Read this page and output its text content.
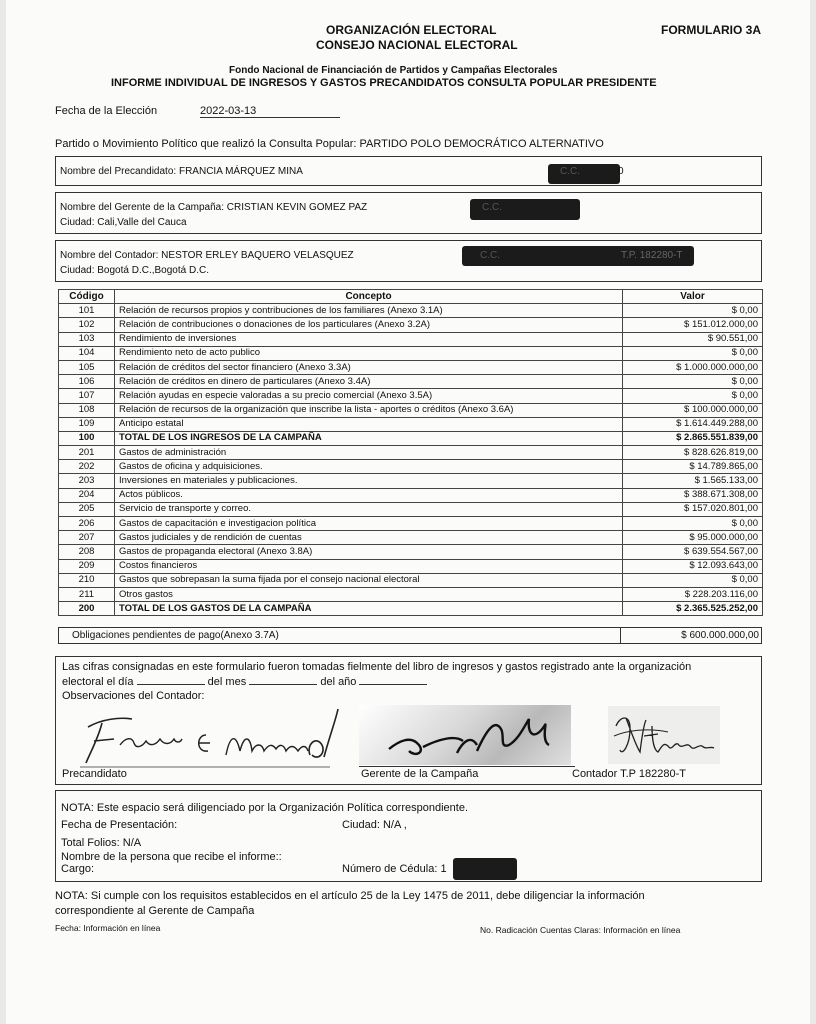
ORGANIZACIÓN ELECTORAL
CONSEJO NACIONAL ELECTORAL
FORMULARIO 3A
Fondo Nacional de Financiación de Partidos y Campañas Electorales
INFORME INDIVIDUAL DE INGRESOS Y GASTOS PRECANDIDATOS CONSULTA POPULAR PRESIDENTE
Fecha de la Elección	2022-03-13
Partido o Movimiento Político que realizó la Consulta Popular: PARTIDO POLO DEMOCRÁTICO ALTERNATIVO
Nombre del Precandidato: FRANCIA MÁRQUEZ MINA	C.C.	0
Nombre del Gerente de la Campaña: CRISTIAN KEVIN GOMEZ PAZ	C.C.
Ciudad: Cali,Valle del Cauca
Nombre del Contador: NESTOR ERLEY BAQUERO VELASQUEZ	C.C.	T.P. 182280-T
Ciudad: Bogotá D.C.,Bogotá D.C.
Código	Concepto	Valor
101	Relación de recursos propios y contribuciones de los familiares (Anexo 3.1A)	$ 0,00
102	Relación de contribuciones o donaciones de los particulares (Anexo 3.2A)	$ 151.012.000,00
103	Rendimiento de inversiones	$ 90.551,00
104	Rendimiento neto de acto publico	$ 0,00
105	Relación de créditos del sector financiero (Anexo 3.3A)	$ 1.000.000.000,00
106	Relación de créditos en dinero de particulares (Anexo 3.4A)	$ 0,00
107	Relación ayudas en especie valoradas a su precio comercial (Anexo 3.5A)	$ 0,00
108	Relación de recursos de la organización que inscribe la lista - aportes o créditos (Anexo 3.6A)	$ 100.000.000,00
109	Anticipo estatal	$ 1.614.449.288,00
100	TOTAL DE LOS INGRESOS DE LA CAMPAÑA	$ 2.865.551.839,00
201	Gastos de administración	$ 828.626.819,00
202	Gastos de oficina y adquisiciones.	$ 14.789.865,00
203	Inversiones en materiales y publicaciones.	$ 1.565.133,00
204	Actos públicos.	$ 388.671.308,00
205	Servicio de transporte y correo.	$ 157.020.801,00
206	Gastos de capacitación e investigacion política	$ 0,00
207	Gastos judiciales y de rendición de cuentas	$ 95.000.000,00
208	Gastos de propaganda electoral (Anexo 3.8A)	$ 639.554.567,00
209	Costos financieros	$ 12.093.643,00
210	Gastos que sobrepasan la suma fijada por el consejo nacional electoral	$ 0,00
211	Otros gastos	$ 228.203.116,00
200	TOTAL DE LOS GASTOS DE LA CAMPAÑA	$ 2.365.525.252,00
Obligaciones pendientes de pago(Anexo 3.7A)	$ 600.000.000,00
Las cifras consignadas en este formulario fueron tomadas fielmente del libro de ingresos y gastos registrado ante la organización
electoral el día	del mes	del año
Observaciones del Contador:
Precandidato	Gerente de la Campaña	Contador T.P 182280-T
NOTA: Este espacio será diligenciado por la Organización Política correspondiente.
Fecha de Presentación:	Ciudad: N/A ,
Total Folios: N/A
Nombre de la persona que recibe el informe::
Cargo:	Número de Cédula: 1
NOTA: Si cumple con los requisitos establecidos en el artículo 25 de la Ley 1475 de 2011, debe diligenciar la información
correspondiente al Gerente de Campaña
Fecha: Información en línea	No. Radicación Cuentas Claras: Información en línea
